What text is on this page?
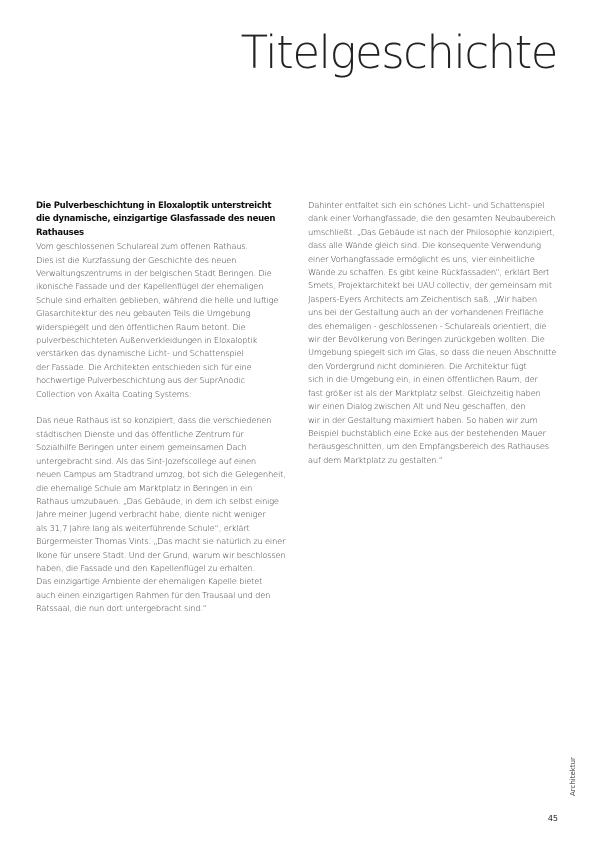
Titelgeschichte
Die Pulverbeschichtung in Eloxaloptik unterstreicht
die dynamische, einzigartige Glasfassade des neuen
Rathauses
Vom geschlossenen Schulareal zum offenen Rathaus.
Dies ist die Kurzfassung der Geschichte des neuen
Verwaltungszentrums in der belgischen Stadt Beringen. Die
ikonische Fassade und der Kapellenflügel der ehemaligen
Schule sind erhalten geblieben, während die helle und luftige
Glasarchitektur des neu gebauten Teils die Umgebung
widerspiegelt und den öffentlichen Raum betont. Die
pulverbeschichteten Außenverkleidungen in Eloxaloptik
verstärken das dynamische Licht- und Schattenspiel
der Fassade. Die Architekten entschieden sich für eine
hochwertige Pulverbeschichtung aus der SuprAnodic
Collection von Axalta Coating Systems.
Das neue Rathaus ist so konzipiert, dass die verschiedenen
städtischen Dienste und das öffentliche Zentrum für
Sozialhilfe Beringen unter einem gemeinsamen Dach
untergebracht sind. Als das Sint-Jozefscollege auf einen
neuen Campus am Stadtrand umzog, bot sich die Gelegenheit,
die ehemalige Schule am Marktplatz in Beringen in ein
Rathaus umzubauen. „Das Gebäude, in dem ich selbst einige
Jahre meiner Jugend verbracht habe, diente nicht weniger
als 31,7 Jahre lang als weiterführende Schule“, erklärt
Bürgermeister Thomas Vints. „Das macht sie natürlich zu einer
Ikone für unsere Stadt. Und der Grund, warum wir beschlossen
haben, die Fassade und den Kapellenflügel zu erhalten.
Das einzigartige Ambiente der ehemaligen Kapelle bietet
auch einen einzigartigen Rahmen für den Trausaal und den
Ratssaal, die nun dort untergebracht sind.“
Dahinter entfaltet sich ein schönes Licht- und Schattenspiel
dank einer Vorhangfassade, die den gesamten Neubaubereich
umschließt. „Das Gebäude ist nach der Philosophie konzipiert,
dass alle Wände gleich sind. Die konsequente Verwendung
einer Vorhangfassade ermöglicht es uns, vier einheitliche
Wände zu schaffen. Es gibt keine Rückfassaden“, erklärt Bert
Smets, Projektarchitekt bei UAU collectiv, der gemeinsam mit
Jaspers-Eyers Architects am Zeichentisch saß. „Wir haben
uns bei der Gestaltung auch an der vorhandenen Freifläche
des ehemaligen - geschlossenen - Schulareals orientiert, die
wir der Bevölkerung von Beringen zurückgeben wollten. Die
Umgebung spiegelt sich im Glas, so dass die neuen Abschnitte
den Vordergrund nicht dominieren. Die Architektur fügt
sich in die Umgebung ein, in einen öffentlichen Raum, der
fast größer ist als der Marktplatz selbst. Gleichzeitig haben
wir einen Dialog zwischen Alt und Neu geschaffen, den
wir in der Gestaltung maximiert haben. So haben wir zum
Beispiel buchstäblich eine Ecke aus der bestehenden Mauer
herausgeschnitten, um den Empfangsbereich des Rathauses
auf dem Marktplatz zu gestalten.“
Architektur
45
